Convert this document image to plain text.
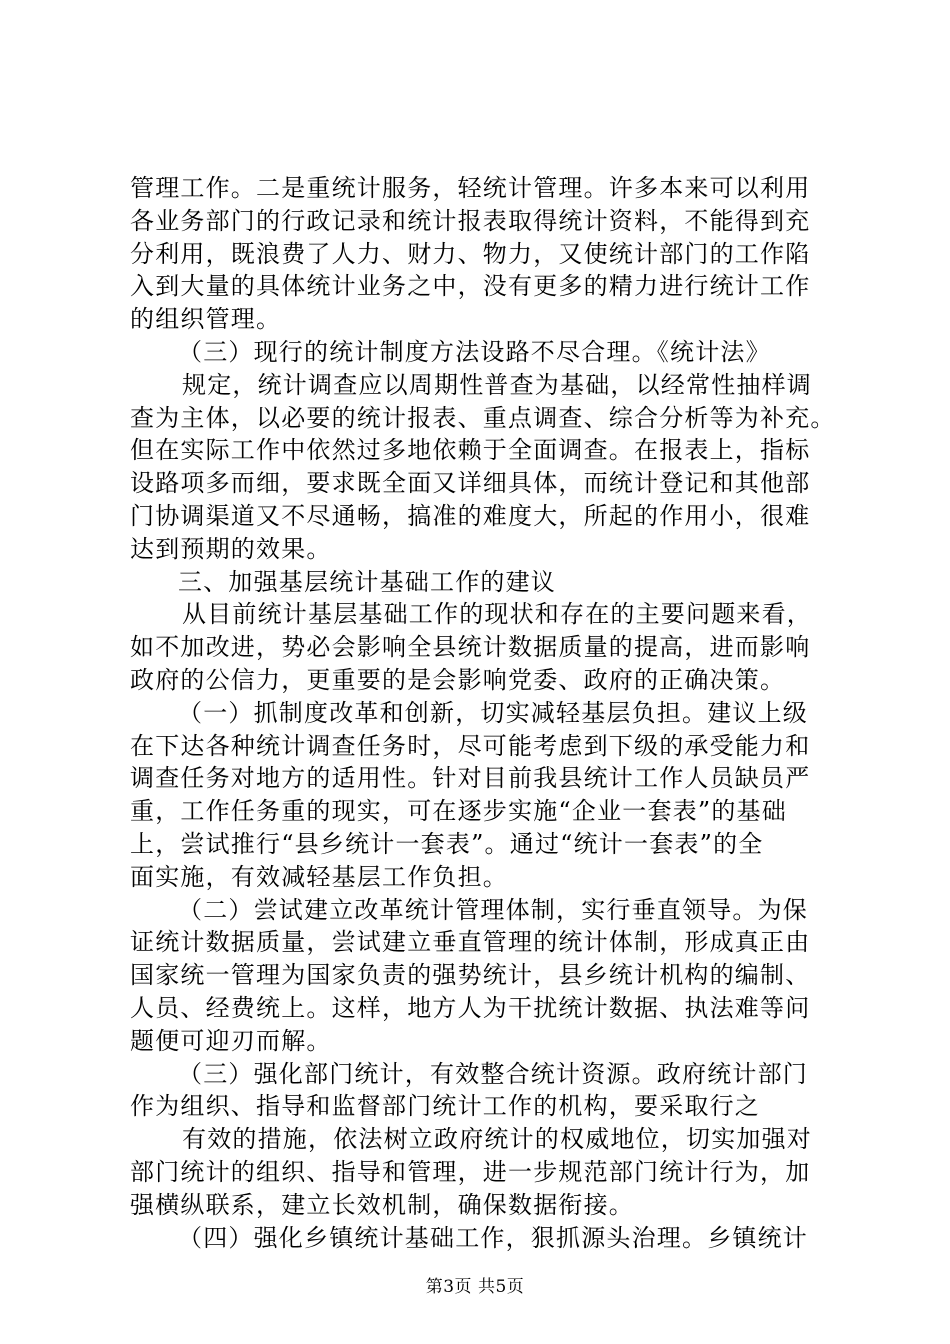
管理工作。二是重统计服务，轻统计管理。许多本来可以利用
各业务部门的行政记录和统计报表取得统计资料，不能得到充
分利用，既浪费了人力、财力、物力，又使统计部门的工作陷
入到大量的具体统计业务之中，没有更多的精力进行统计工作
的组织管理。
（三）现行的统计制度方法设路不尽合理。《统计法》
规定，统计调查应以周期性普查为基础，以经常性抽样调
查为主体，以必要的统计报表、重点调查、综合分析等为补充。
但在实际工作中依然过多地依赖于全面调查。在报表上，指标
设路项多而细，要求既全面又详细具体，而统计登记和其他部
门协调渠道又不尽通畅，搞准的难度大，所起的作用小，很难
达到预期的效果。
三、加强基层统计基础工作的建议
从目前统计基层基础工作的现状和存在的主要问题来看，
如不加改进，势必会影响全县统计数据质量的提高，进而影响
政府的公信力，更重要的是会影响党委、政府的正确决策。
（一）抓制度改革和创新，切实减轻基层负担。建议上级
在下达各种统计调查任务时，尽可能考虑到下级的承受能力和
调查任务对地方的适用性。针对目前我县统计工作人员缺员严
重，工作任务重的现实，可在逐步实施“企业一套表”的基础
上，尝试推行“县乡统计一套表”。通过“统计一套表”的全
面实施，有效减轻基层工作负担。
（二）尝试建立改革统计管理体制，实行垂直领导。为保
证统计数据质量，尝试建立垂直管理的统计体制，形成真正由
国家统一管理为国家负责的强势统计，县乡统计机构的编制、
人员、经费统上。这样，地方人为干扰统计数据、执法难等问
题便可迎刃而解。
（三）强化部门统计，有效整合统计资源。政府统计部门
作为组织、指导和监督部门统计工作的机构，要采取行之
有效的措施，依法树立政府统计的权威地位，切实加强对
部门统计的组织、指导和管理，进一步规范部门统计行为，加
强横纵联系，建立长效机制，确保数据衔接。
（四）强化乡镇统计基础工作，狠抓源头治理。乡镇统计
第3页 共5页
